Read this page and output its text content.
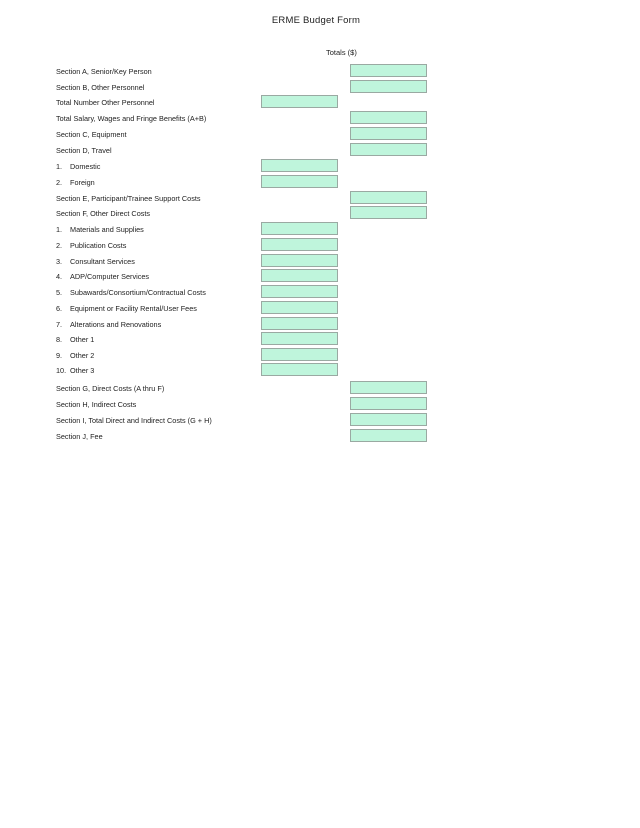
ERME Budget Form
Totals ($)
Section A, Senior/Key Person
Section B, Other Personnel
Total Number Other Personnel
Total Salary, Wages and Fringe Benefits (A+B)
Section C, Equipment
Section D, Travel
1.	Domestic
2.	Foreign
Section E, Participant/Trainee Support Costs
Section F, Other Direct Costs
1.	Materials and Supplies
2.	Publication Costs
3.	Consultant Services
4.	ADP/Computer Services
5.	Subawards/Consortium/Contractual Costs
6.	Equipment or Facility Rental/User Fees
7.	Alterations and Renovations
8.	Other 1
9.	Other 2
10. Other 3
Section G, Direct Costs (A thru F)
Section H, Indirect Costs
Section I, Total Direct and Indirect Costs (G + H)
Section J, Fee
